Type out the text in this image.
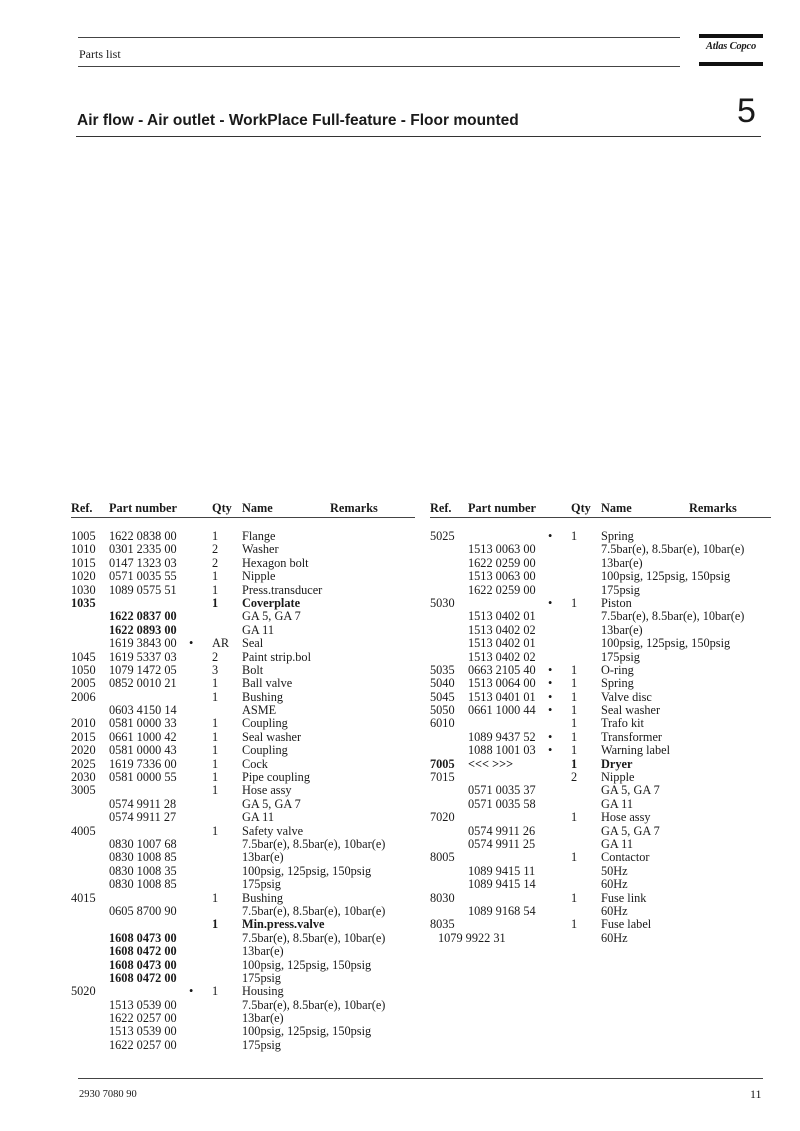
Parts list
Atlas Copco
Air flow - Air outlet - WorkPlace Full-feature - Floor mounted	5
Ref. Part number	Qty Name	Remarks
1005 1622 0838 00	1 Flange
1010 0301 2335 00	2 Washer
1015 0147 1323 03	2 Hexagon bolt
1020 0571 0035 55	1 Nipple
1030 1089 0575 51	1 Press.transducer
1035	1 Coverplate
1622 0837 00	GA 5, GA 7
1622 0893 00	GA 11
1619 3843 00 • AR Seal
1045 1619 5337 03	2 Paint strip.bol
1050 1079 1472 05	3 Bolt
2005 0852 0010 21	1 Ball valve
2006	1 Bushing
0603 4150 14	ASME
2010 0581 0000 33	1 Coupling
2015 0661 1000 42	1 Seal washer
2020 0581 0000 43	1 Coupling
2025 1619 7336 00	1 Cock
2030 0581 0000 55	1 Pipe coupling
3005	1 Hose assy
0574 9911 28	GA 5, GA 7
0574 9911 27	GA 11
4005	1 Safety valve
0830 1007 68	7.5bar(e), 8.5bar(e), 10bar(e)
0830 1008 85	13bar(e)
0830 1008 35	100psig, 125psig, 150psig
0830 1008 85	175psig
4015	1 Bushing
0605 8700 90	7.5bar(e), 8.5bar(e), 10bar(e)
1 Min.press.valve
1608 0473 00	7.5bar(e), 8.5bar(e), 10bar(e)
1608 0472 00	13bar(e)
1608 0473 00	100psig, 125psig, 150psig
1608 0472 00	175psig
5020	• 1 Housing
1513 0539 00	7.5bar(e), 8.5bar(e), 10bar(e)
1622 0257 00	13bar(e)
1513 0539 00	100psig, 125psig, 150psig
1622 0257 00	175psig
Ref. Part number	Qty Name	Remarks
5025	• 1 Spring
1513 0063 00	7.5bar(e), 8.5bar(e), 10bar(e)
1622 0259 00	13bar(e)
1513 0063 00	100psig, 125psig, 150psig
1622 0259 00	175psig
5030	• 1 Piston
1513 0402 01	7.5bar(e), 8.5bar(e), 10bar(e)
1513 0402 02	13bar(e)
1513 0402 01	100psig, 125psig, 150psig
1513 0402 02	175psig
5035 0663 2105 40 • 1 O-ring
5040 1513 0064 00 • 1 Spring
5045 1513 0401 01 • 1 Valve disc
5050 0661 1000 44 • 1 Seal washer
6010	1 Trafo kit
1089 9437 52 • 1 Transformer
1088 1001 03 • 1 Warning label
7005 <<< >>>	1 Dryer
7015	2 Nipple
0571 0035 37	GA 5, GA 7
0571 0035 58	GA 11
7020	1 Hose assy
0574 9911 26	GA 5, GA 7
0574 9911 25	GA 11
8005	1 Contactor
1089 9415 11	50Hz
1089 9415 14	60Hz
8030	1 Fuse link
1089 9168 54	60Hz
8035	1 Fuse label
1079 9922 31	60Hz
2930 7080 90	11
